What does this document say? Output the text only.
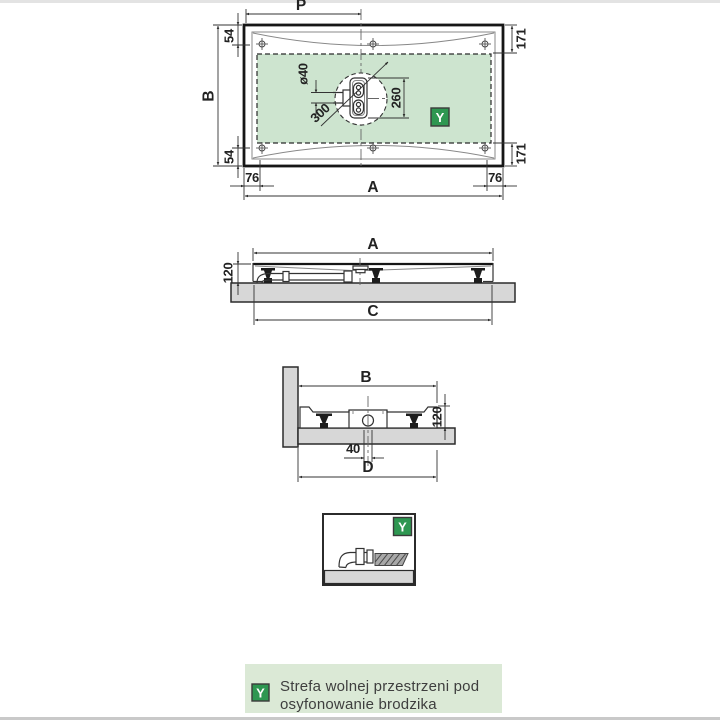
P
B
54
54
171
171
76	76
A
ø40
260
300	Y
A
120
C
B
120
40
D
Y
Y Strefa wolnej przestrzeni pod
osyfonowanie brodzika
